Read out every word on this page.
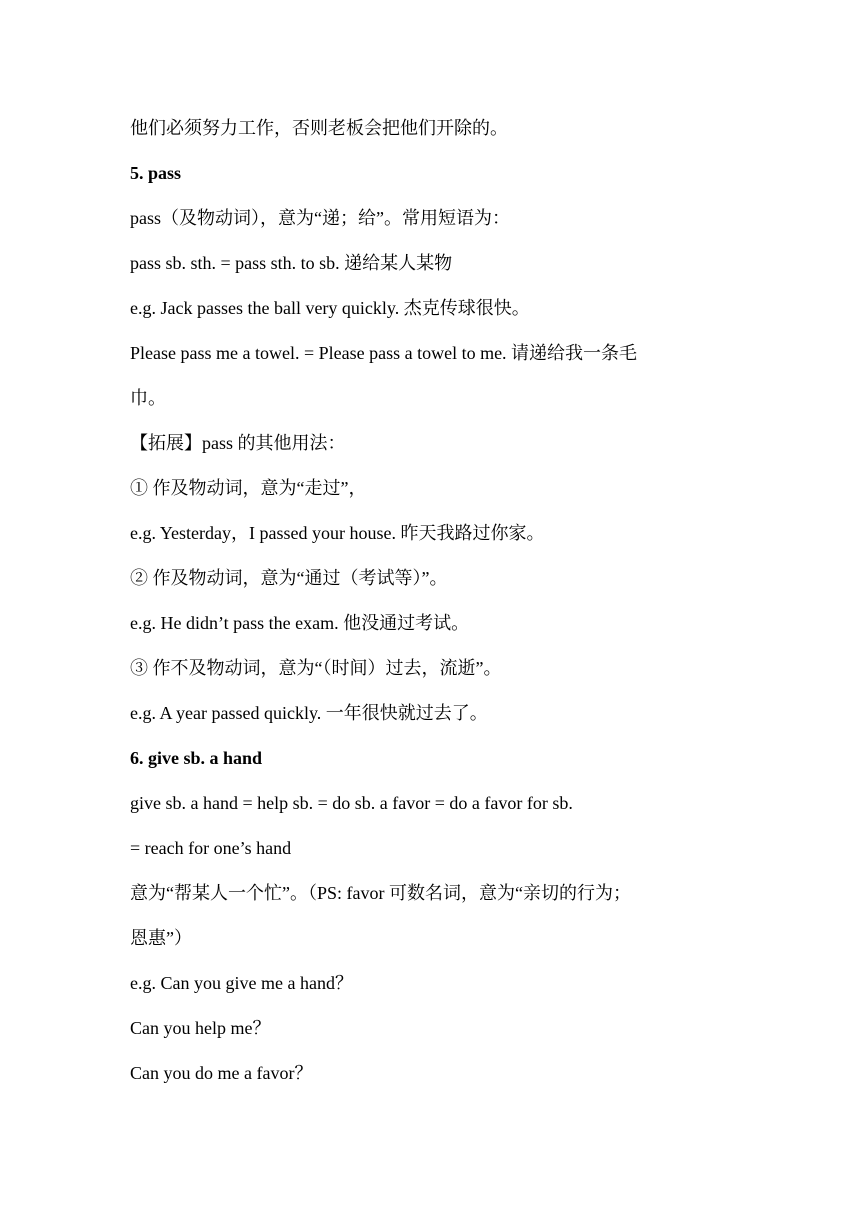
他们必须努力工作，否则老板会把他们开除的。
5. pass
pass（及物动词），意为“递；给”。常用短语为：
pass sb. sth. = pass sth. to sb. 递给某人某物
e.g. Jack passes the ball very quickly. 杰克传球很快。
Please pass me a towel. = Please pass a towel to me. 请递给我一条毛
巾。
【拓展】pass 的其他用法：
① 作及物动词，意为“走过”，
e.g. Yesterday，I passed your house. 昨天我路过你家。
② 作及物动词，意为“通过（考试等）”。
e.g. He didn’t pass the exam. 他没通过考试。
③ 作不及物动词，意为“（时间）过去，流逝”。
e.g. A year passed quickly. 一年很快就过去了。
6. give sb. a hand
give sb. a hand = help sb. = do sb. a favor = do a favor for sb.
= reach for one’s hand
意为“帮某人一个忙”。（PS: favor 可数名词，意为“亲切的行为；
恩惠”）
e.g. Can you give me a hand？
Can you help me？
Can you do me a favor？
